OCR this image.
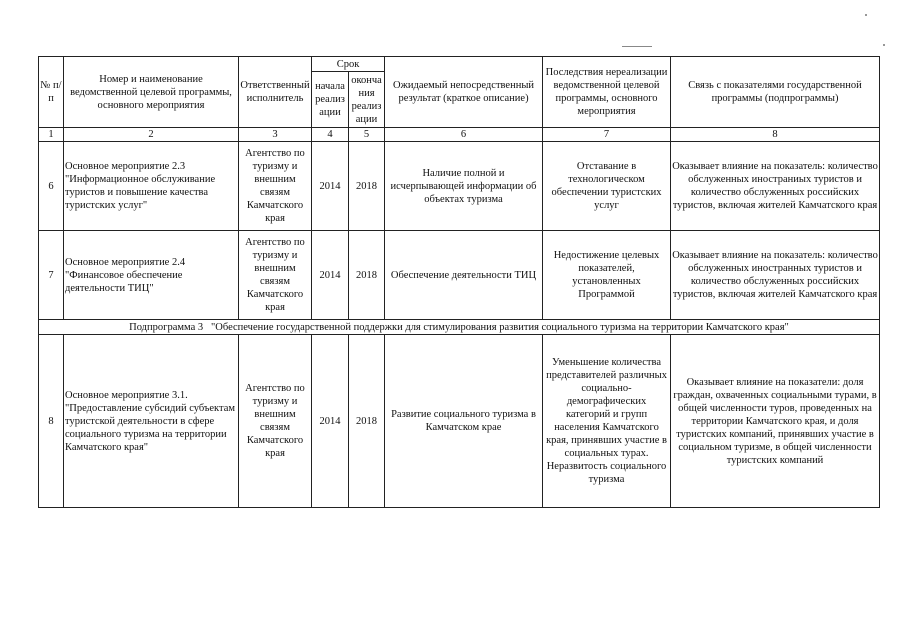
№ п/п	Номер и наименование ведомственной целевой программы, основного мероприятия	Ответственный исполнитель	Срок		Ожидаемый непосредственный результат (краткое описание)	Последствия нереализации ведомственной целевой программы, основного мероприятия	Связь с показателями государственной программы (подпрограммы)
			начала реализации	окончания реализации			
1	2	3	4	5	6	7	8
6	Основное мероприятие 2.3 "Информационное обслуживание туристов и повышение качества туристских услуг"	Агентство по туризму и внешним связям Камчатского края	2014	2018	Наличие полной и исчерпывающей информации об объектах туризма	Отставание в технологическом обеспечении туристских услуг	Оказывает влияние на показатель: количество обслуженных иностраниых туристов и количество обслуженных российских туристов, включая жителей Камчатского края
7	Основное мероприятие 2.4 "Финансовое обеспечение деятельности ТИЦ"	Агентство по туризму и внешним связям Камчатского края	2014	2018	Обеспечение деятельности ТИЦ	Недостижение целевых показателей, установленных Программой	Оказывает влияние на показатель: количество обслуженных иностранных туристов и количество обслуженных российских туристов, включая жителей Камчатского края
Подпрограмма 3   "Обеспечение государственной поддержки для стимулирования развития социального туризма на территории Камчатского края"							
8	Основное мероприятие 3.1. "Предоставление субсидий субъектам туристской деятельности в сфере социального туризма на территории Камчатского края"	Агентство по туризму и внешним связям Камчатского края	2014	2018	Развитие социального туризма в Камчатском крае	Уменьшение количества представителей различных социально-демографических категорий и групп населения Камчатского края, принявших участие в социальных турах. Неразвитость социального туризма	Оказывает влияние на показатели: доля граждан, охваченных социальными турами, в общей численности туров, проведенных на территории Камчатского края, и доля туристских компаний, принявших участие в социальном туризме, в общей численности туристских компаний
